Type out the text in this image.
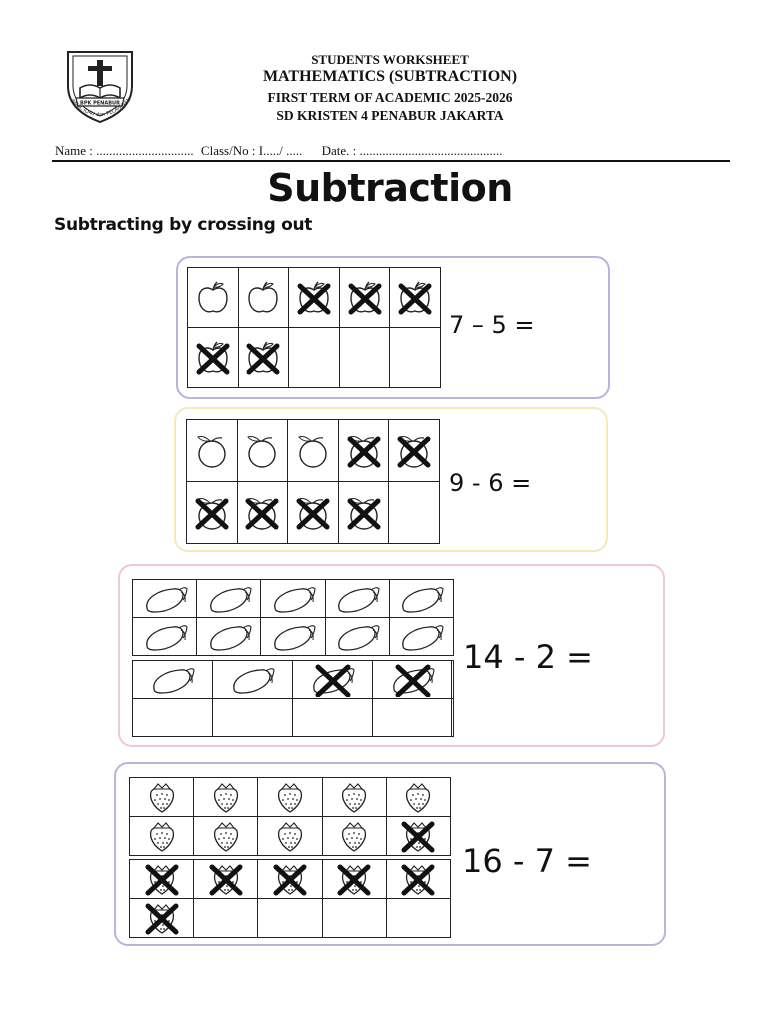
BPK PENABUR
IMAN, ILMU dan PELAYANAN
STUDENTS WORKSHEET
MATHEMATICS (SUBTRACTION)
FIRST TERM OF ACADEMIC 2025-2026
SD KRISTEN 4 PENABUR JAKARTA
Name : .............................. Class/No : I...../ ..... Date. : ............................................
Subtraction
Subtracting by crossing out

7 – 5 =

9 - 6 =

14 - 2 =

16 - 7 =
